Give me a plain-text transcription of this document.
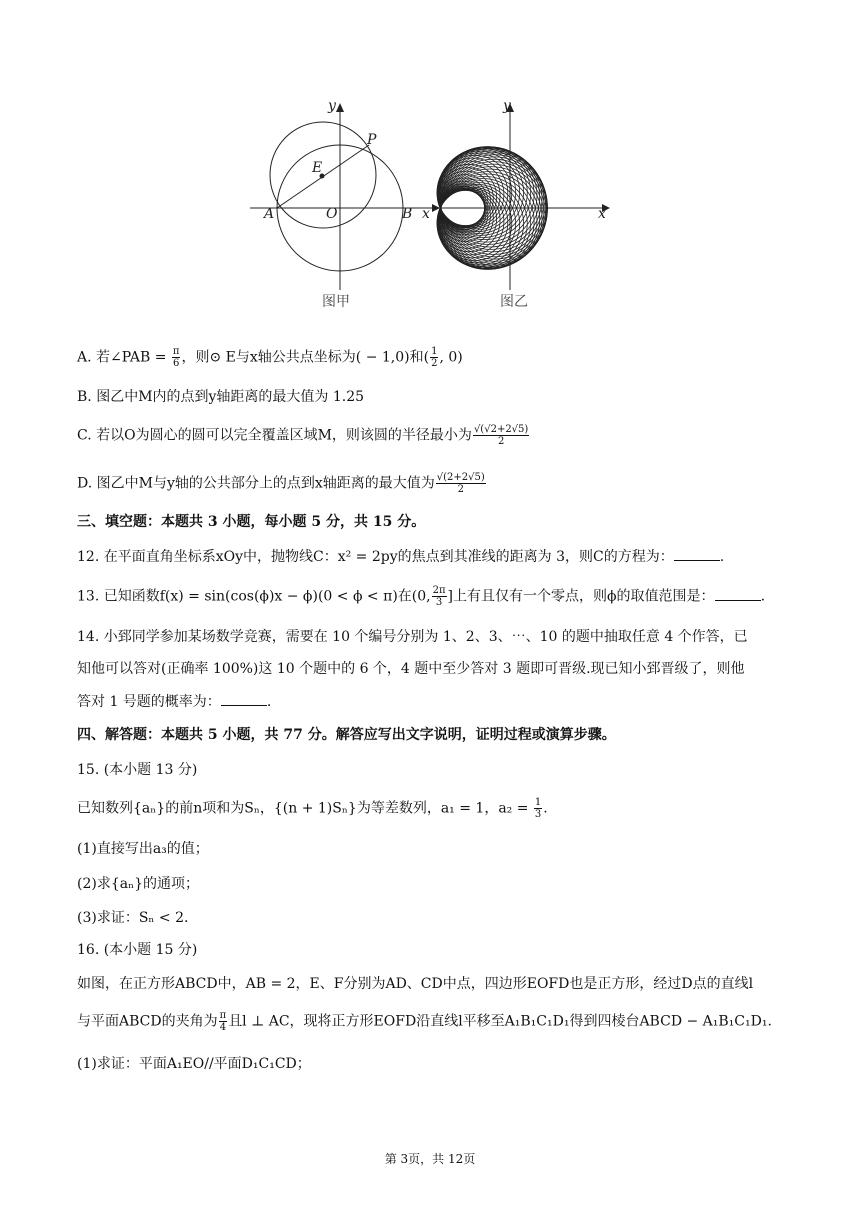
y
x
A	O	B
E
P
图甲
y
x
图乙
A. 若∠PAB = $\frac{\pi}{6}$ ，则⊙ E与x轴公共点坐标为( − 1,0)和( $\frac{1}{2}$ , 0)
B. 图乙中M内的点到y轴距离的最大值为 1.25
C. 若以O为圆心的圆可以完全覆盖区域M，则该圆的半径最小为 $\frac{√(√2+2√5)}{2}$
D. 图乙中M与y轴的公共部分上的点到x轴距离的最大值为 $\frac{√(2+2√5)}{2}$
三、填空题：本题共 3 小题，每小题 5 分，共 15 分。
12. 在平面直角坐标系xOy中，抛物线C：x² = 2py的焦点到其准线的距离为 3，则C的方程为：	.
13. 已知函数f(x) = sin(cos(ϕ)x − ϕ)(0 < ϕ < π)在(0, $\frac{2\pi}{3}$ ]上有且仅有一个零点，则ϕ的取值范围是：	.
14. 小郅同学参加某场数学竞赛，需要在 10 个编号分别为 1、2、3、⋯、10 的题中抽取任意 4 个作答，已
知他可以答对(正确率 100%)这 10 个题中的 6 个，4 题中至少答对 3 题即可晋级.现已知小郅晋级了，则他
答对 1 号题的概率为：	.
四、解答题：本题共 5 小题，共 77 分。解答应写出文字说明，证明过程或演算步骤。
15. (本小题 13 分)
已知数列{aₙ}的前n项和为Sₙ，{(n + 1)Sₙ}为等差数列，a₁ = 1，$a_2 = \frac{1}{3}$ .
(1)直接写出a₃的值；
(2)求{aₙ}的通项；
(3)求证：Sₙ < 2.
16. (本小题 15 分)
如图，在正方形ABCD中，AB = 2，E、F分别为AD、CD中点，四边形EOFD也是正方形，经过D点的直线l
与平面ABCD的夹角为 $\frac{\pi}{4}$ 且l ⊥ AC，现将正方形EOFD沿直线l平移至A₁B₁C₁D₁得到四棱台ABCD − A₁B₁C₁D₁.
(1)求证：平面A₁EO//平面D₁C₁CD；
第 3页，共 12页
